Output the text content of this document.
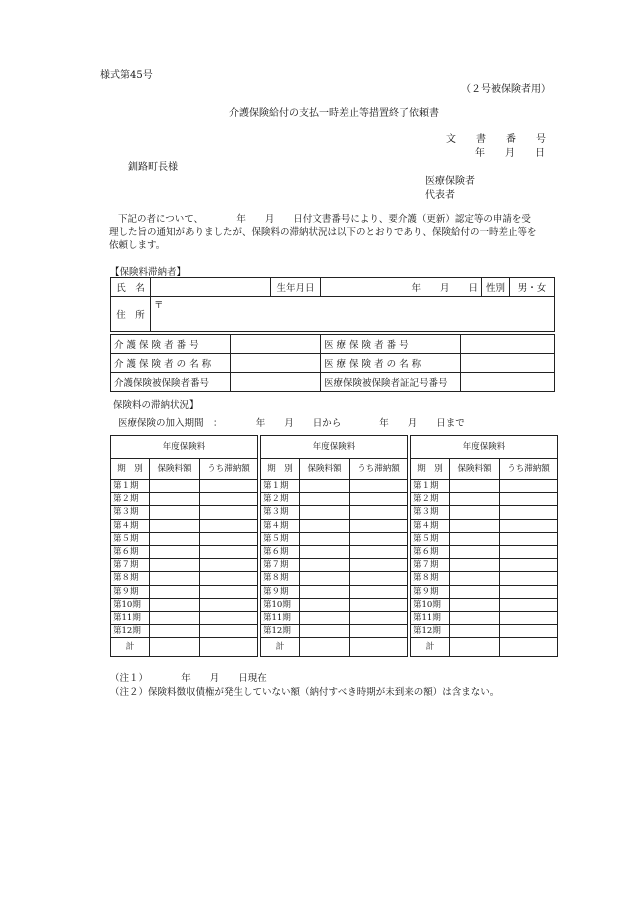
様式第45号
（２号被保険者用）
介護保険給付の支払一時差止等措置終了依頼書
文　　書　　番　　号
年　　月　　日
釧路町長様
医療保険者
代表者
下記の者について、　　　　年　　月　　日付文書番号により、要介護（更新）認定等の申請を受
理した旨の通知がありましたが、保険料の滞納状況は以下のとおりであり、保険給付の一時差止等を
依頼します。
【保険料滞納者】
氏　名		生年月日	年　　月　　日	性別	男・女
住　所	〒				
介 護 保 険 者 番 号		医 療 保 険 者 番 号	
介 護 保 険 者 の 名 称		医 療 保 険 者 の 名 称	
介護保険被保険者番号		医療保険被保険者証記号番号	
保険料の滞納状況】
医療保険の加入期間　：　　　　年　　月　　日から　　　　年　　月　　日まで
年度保険料		
期　別	保険料額	うち滞納額
第１期		
第２期		
第３期		
第４期		
第５期		
第６期		
第７期		
第８期		
第９期		
第10期		
第11期		
第12期		
計		
年度保険料		
期　別	保険料額	うち滞納額
第１期		
第２期		
第３期		
第４期		
第５期		
第６期		
第７期		
第８期		
第９期		
第10期		
第11期		
第12期		
計		
年度保険料		
期　別	保険料額	うち滞納額
第１期		
第２期		
第３期		
第４期		
第５期		
第６期		
第７期		
第８期		
第９期		
第10期		
第11期		
第12期		
計		
（注１）　　　　年　　月　　日現在
（注２）保険料徴収債権が発生していない額（納付すべき時期が未到来の額）は含まない。
